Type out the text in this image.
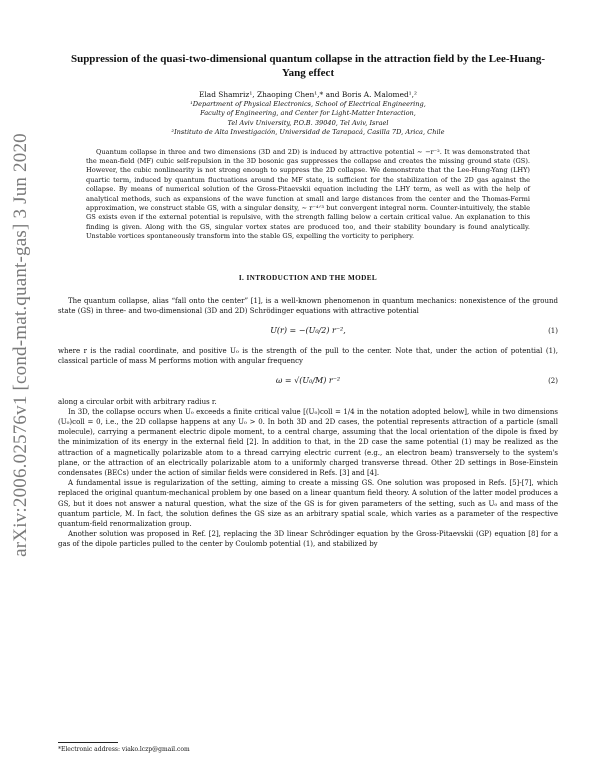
arXiv:2006.02576v1 [cond-mat.quant-gas] 3 Jun 2020
Suppression of the quasi-two-dimensional quantum collapse in the attraction field by the Lee-Huang-Yang effect
Elad Shamriz¹, Zhaoping Chen¹,* and Boris A. Malomed¹,²
¹Department of Physical Electronics, School of Electrical Engineering,
Faculty of Engineering, and Center for Light-Matter Interaction,
Tel Aviv University, P.O.B. 39040, Tel Aviv, Israel
²Instituto de Alta Investigación, Universidad de Tarapacá, Casilla 7D, Arica, Chile

Quantum collapse in three and two dimensions (3D and 2D) is induced by attractive potential ∼ −r⁻². It was demonstrated that the mean-field (MF) cubic self-repulsion in the 3D bosonic gas suppresses the collapse and creates the missing ground state (GS). However, the cubic nonlinearity is not strong enough to suppress the 2D collapse. We demonstrate that the Lee-Hung-Yang (LHY) quartic term, induced by quantum fluctuations around the MF state, is sufficient for the stabilization of the 2D gas against the collapse. By means of numerical solution of the Gross-Pitaevskii equation including the LHY term, as well as with the help of analytical methods, such as expansions of the wave function at small and large distances from the center and the Thomas-Fermi approximation, we construct stable GS, with a singular density, ∼ r⁻⁴ᐟ³ but convergent integral norm. Counter-intuitively, the stable GS exists even if the external potential is repulsive, with the strength falling below a certain critical value. An explanation to this finding is given. Along with the GS, singular vortex states are produced too, and their stability boundary is found analytically. Unstable vortices spontaneously transform into the stable GS, expelling the vorticity to periphery.

I. INTRODUCTION AND THE MODEL

The quantum collapse, alias “fall onto the center” [1], is a well-known phenomenon in quantum mechanics: nonexistence of the ground state (GS) in three- and two-dimensional (3D and 2D) Schrödinger equations with attractive potential

U(r) = −(U₀/2) r⁻²,	(1)

where r is the radial coordinate, and positive U₀ is the strength of the pull to the center. Note that, under the action of potential (1), classical particle of mass M performs motion with angular frequency

ω = √(U₀/M) r⁻²	(2)

along a circular orbit with arbitrary radius r.

In 3D, the collapse occurs when U₀ exceeds a finite critical value [(U₀)coll = 1/4 in the notation adopted below], while in two dimensions (U₀)coll = 0, i.e., the 2D collapse happens at any U₀ > 0. In both 3D and 2D cases, the potential represents attraction of a particle (small molecule), carrying a permanent electric dipole moment, to a central charge, assuming that the local orientation of the dipole is fixed by the minimization of its energy in the external field [2]. In addition to that, in the 2D case the same potential (1) may be realized as the attraction of a magnetically polarizable atom to a thread carrying electric current (e.g., an electron beam) transversely to the system's plane, or the attraction of an electrically polarizable atom to a uniformly charged transverse thread. Other 2D settings in Bose-Einstein condensates (BECs) under the action of similar fields were considered in Refs. [3] and [4].

A fundamental issue is regularization of the setting, aiming to create a missing GS. One solution was proposed in Refs. [5]-[7], which replaced the original quantum-mechanical problem by one based on a linear quantum field theory. A solution of the latter model produces a GS, but it does not answer a natural question, what the size of the GS is for given parameters of the setting, such as U₀ and mass of the quantum particle, M. In fact, the solution defines the GS size as an arbitrary spatial scale, which varies as a parameter of the respective quantum-field renormalization group.

Another solution was proposed in Ref. [2], replacing the 3D linear Schrödinger equation by the Gross-Pitaevskii (GP) equation [8] for a gas of the dipole particles pulled to the center by Coulomb potential (1), and stabilized by

*Electronic address: viako.lczp@gmail.com
